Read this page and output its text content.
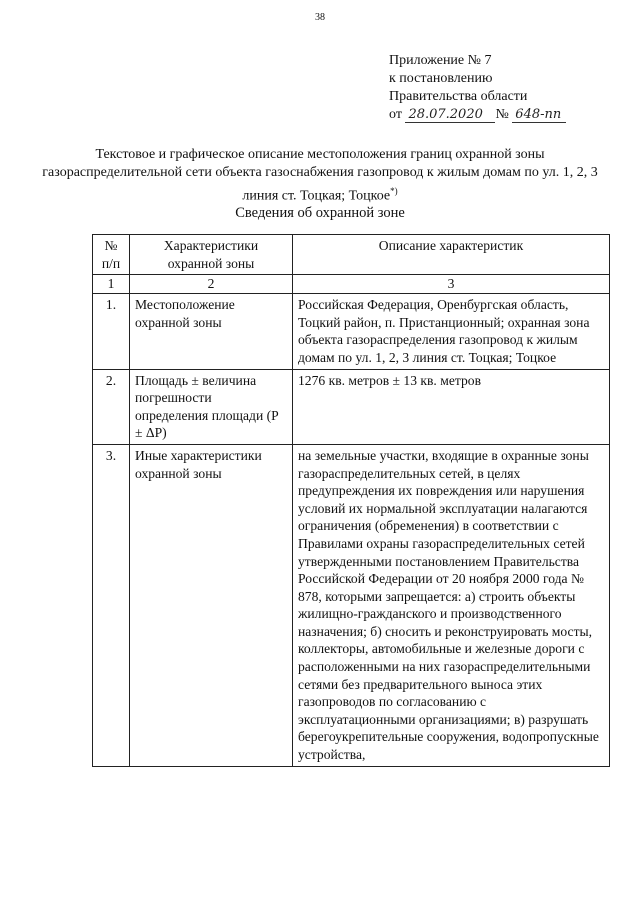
38
Приложение № 7
к постановлению
Правительства области
от 28.07.2020 № 648-пп
Текстовое и графическое описание местоположения границ охранной зоны газораспределительной сети объекта газоснабжения газопровод к жилым домам по ул. 1, 2, 3 линия ст. Тоцкая; Тоцкое*)
Сведения об охранной зоне
№ п/п	Характеристики охранной зоны	Описание характеристик
1	2	3
1.	Местоположение охранной зоны	Российская Федерация, Оренбургская область, Тоцкий район, п. Пристанционный; охранная зона объекта газораспределения газопровод к жилым домам по ул. 1, 2, 3 линия ст. Тоцкая; Тоцкое
2.	Площадь ± величина погрешности определения площади (P ± ΔP)	1276 кв. метров ± 13 кв. метров
3.	Иные характеристики охранной зоны	на земельные участки, входящие в охранные зоны газораспределительных сетей, в целях предупреждения их повреждения или нарушения условий их нормальной эксплуатации налагаются ограничения (обременения) в соответствии с Правилами охраны газораспределительных сетей утвержденными постановлением Правительства Российской Федерации от 20 ноября 2000 года № 878, которыми запрещается: а) строить объекты жилищно-гражданского и производственного назначения; б) сносить и реконструировать мосты, коллекторы, автомобильные и железные дороги с расположенными на них газораспределительными сетями без предварительного выноса этих газопроводов по согласованию с эксплуатационными организациями; в) разрушать берегоукрепительные сооружения, водопропускные устройства,
